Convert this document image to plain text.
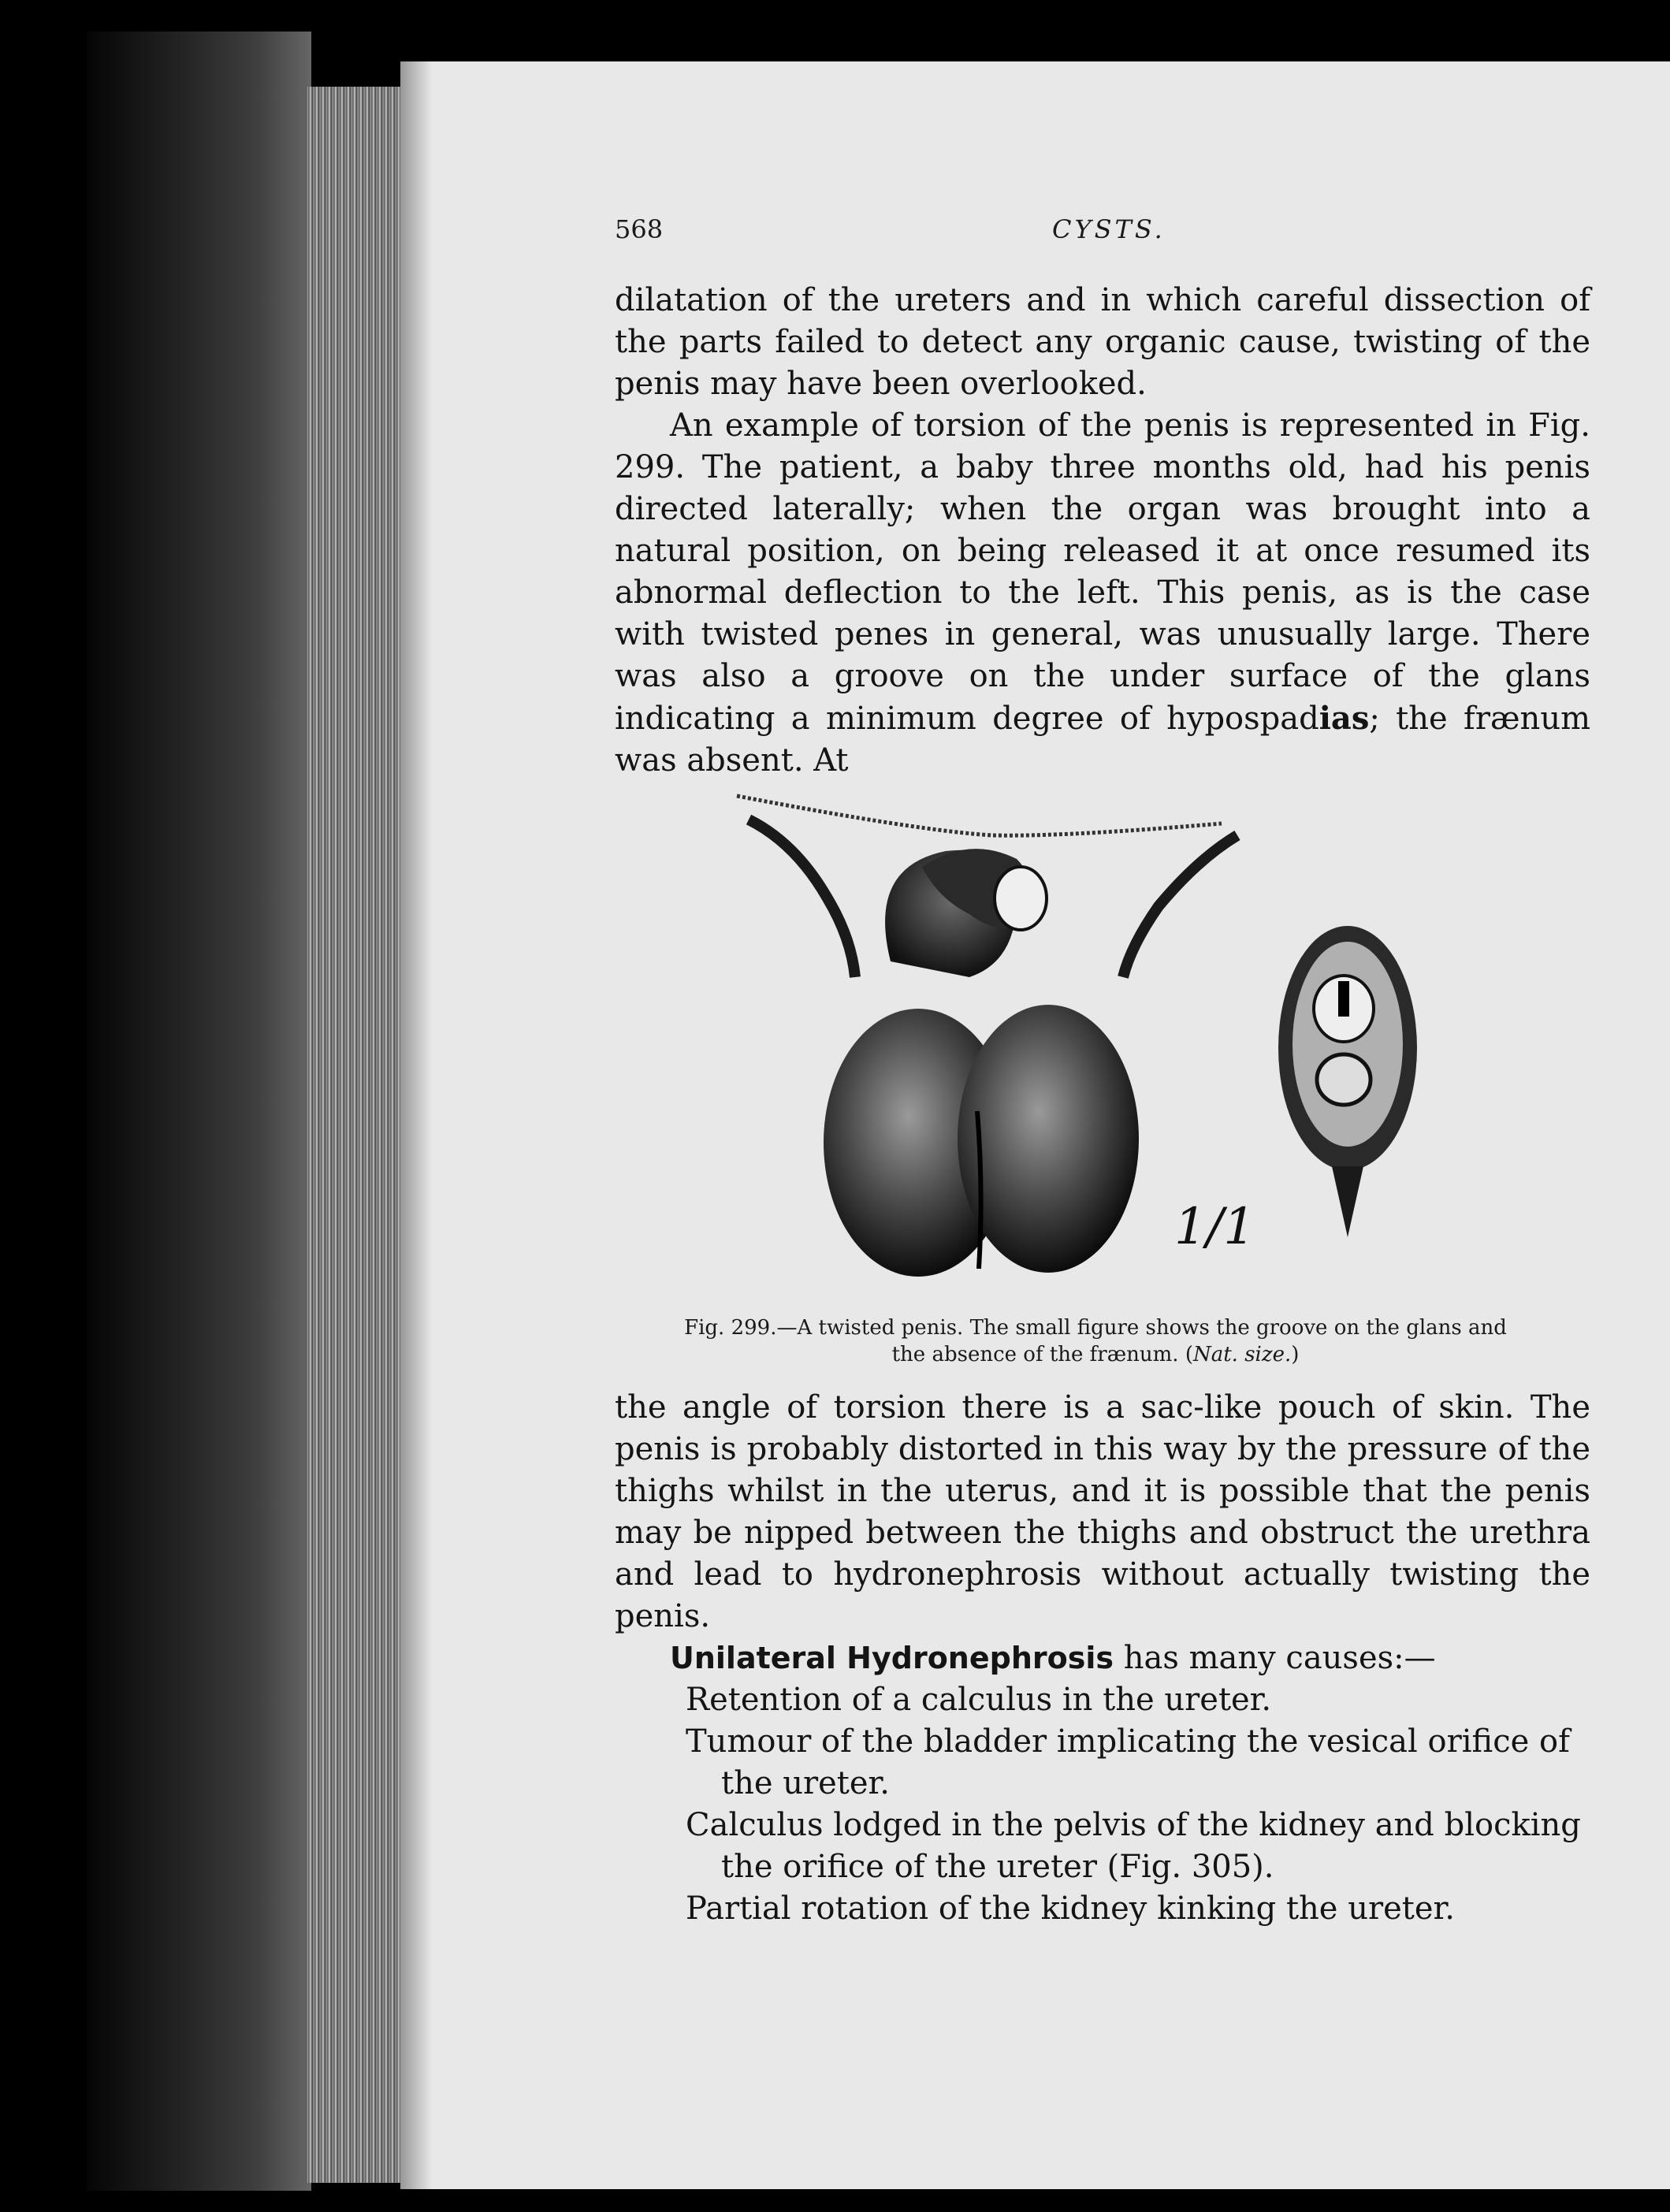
568	CYSTS.

dilatation of the ureters and in which careful dissection of the parts failed to detect any organic cause, twisting of the penis may have been overlooked.

An example of torsion of the penis is represented in Fig. 299. The patient, a baby three months old, had his penis directed laterally; when the organ was brought into a natural position, on being released it at once resumed its abnormal deflection to the left. This penis, as is the case with twisted penes in general, was unusually large. There was also a groove on the under surface of the glans indicating a minimum degree of hypospadias; the frænum was absent. At

1/1
Fig. 299.—A twisted penis. The small figure shows the groove on the glans and
the absence of the frænum. (Nat. size.)

the angle of torsion there is a sac-like pouch of skin. The penis is probably distorted in this way by the pressure of the thighs whilst in the uterus, and it is possible that the penis may be nipped between the thighs and obstruct the urethra and lead to hydronephrosis without actually twisting the penis.

Unilateral Hydronephrosis has many causes:—

Retention of a calculus in the ureter.
Tumour of the bladder implicating the vesical orifice of the ureter.
Calculus lodged in the pelvis of the kidney and blocking the orifice of the ureter (Fig. 305).
Partial rotation of the kidney kinking the ureter.
